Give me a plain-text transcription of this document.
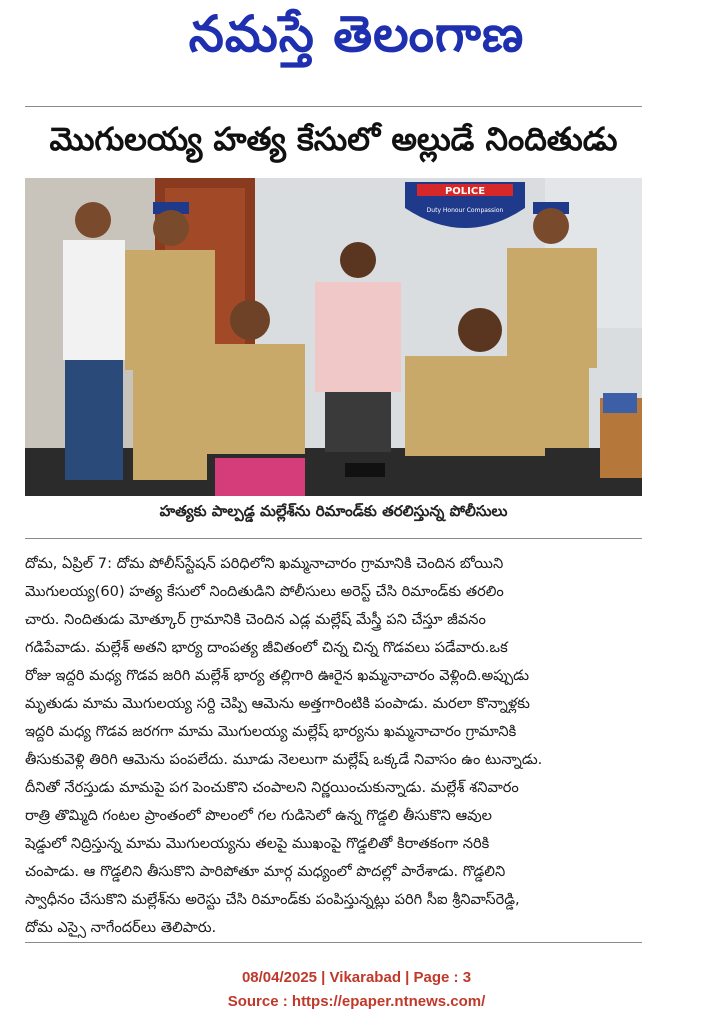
నమస్తే తెలంగాణ
మొగులయ్య హత్య కేసులో అల్లుడే నిందితుడు
POLICE
Duty Honour Compassion
హత్యకు పాల్పడ్డ మల్లేశ్‌ను రిమాండ్‌కు తరలిస్తున్న పోలీసులు
దోమ, ఏప్రిల్ 7: దోమ పోలీస్‌స్టేషన్ పరిధిలోని ఖమ్మనాచారం గ్రామానికి చెందిన బోయిని
మొగులయ్య(60) హత్య కేసులో నిందితుడిని పోలీసులు అరెస్ట్ చేసి రిమాండ్‌కు తరలిం
చారు. నిందితుడు మోత్కూర్ గ్రామానికి చెందిన ఎడ్ల మల్లేష్ మేస్త్రీ పని చేస్తూ జీవనం
గడిపేవాడు. మల్లేశ్ అతని భార్య దాంపత్య జీవితంలో చిన్న చిన్న గొడవలు పడేవారు.ఒక
రోజు ఇద్దరి మధ్య గొడవ జరిగి మల్లేశ్ భార్య తల్లిగారి ఊరైన ఖమ్మనాచారం వెళ్లింది.అప్పుడు
మృతుడు మామ మొగులయ్య సర్ది చెప్పి ఆమెను అత్తగారింటికి పంపాడు. మరలా కొన్నాళ్లకు
ఇద్దరి మధ్య గొడవ జరగగా మామ మొగులయ్య మల్లేష్ భార్యను ఖమ్మనాచారం గ్రామానికి
తీసుకువెళ్లి తిరిగి ఆమెను పంపలేదు. మూడు నెలలుగా మల్లేష్ ఒక్కడే నివాసం ఉం టున్నాడు.
దీనితో నేరస్తుడు మామపై పగ పెంచుకొని చంపాలని నిర్ణయించుకున్నాడు. మల్లేశ్ శనివారం
రాత్రి తొమ్మిది గంటల ప్రాంతంలో పొలంలో గల గుడిసెలో ఉన్న గొడ్డలి తీసుకొని ఆవుల
షెడ్డులో నిద్రిస్తున్న మామ మొగులయ్యను తలపై ముఖంపై గొడ్డలితో కిరాతకంగా నరికి
చంపాడు. ఆ గొడ్డలిని తీసుకొని పారిపోతూ మార్గ మధ్యంలో పొదల్లో పారేశాడు. గొడ్డలిని
స్వాధీనం చేసుకొని మల్లేశ్‌ను అరెస్టు చేసి రిమాండ్‌కు పంపిస్తున్నట్లు పరిగి సీఐ శ్రీనివాస్‌రెడ్డి,
దోమ ఎస్సై నాగేందర్‌లు తెలిపారు.
08/04/2025 | Vikarabad | Page : 3
Source : https://epaper.ntnews.com/
